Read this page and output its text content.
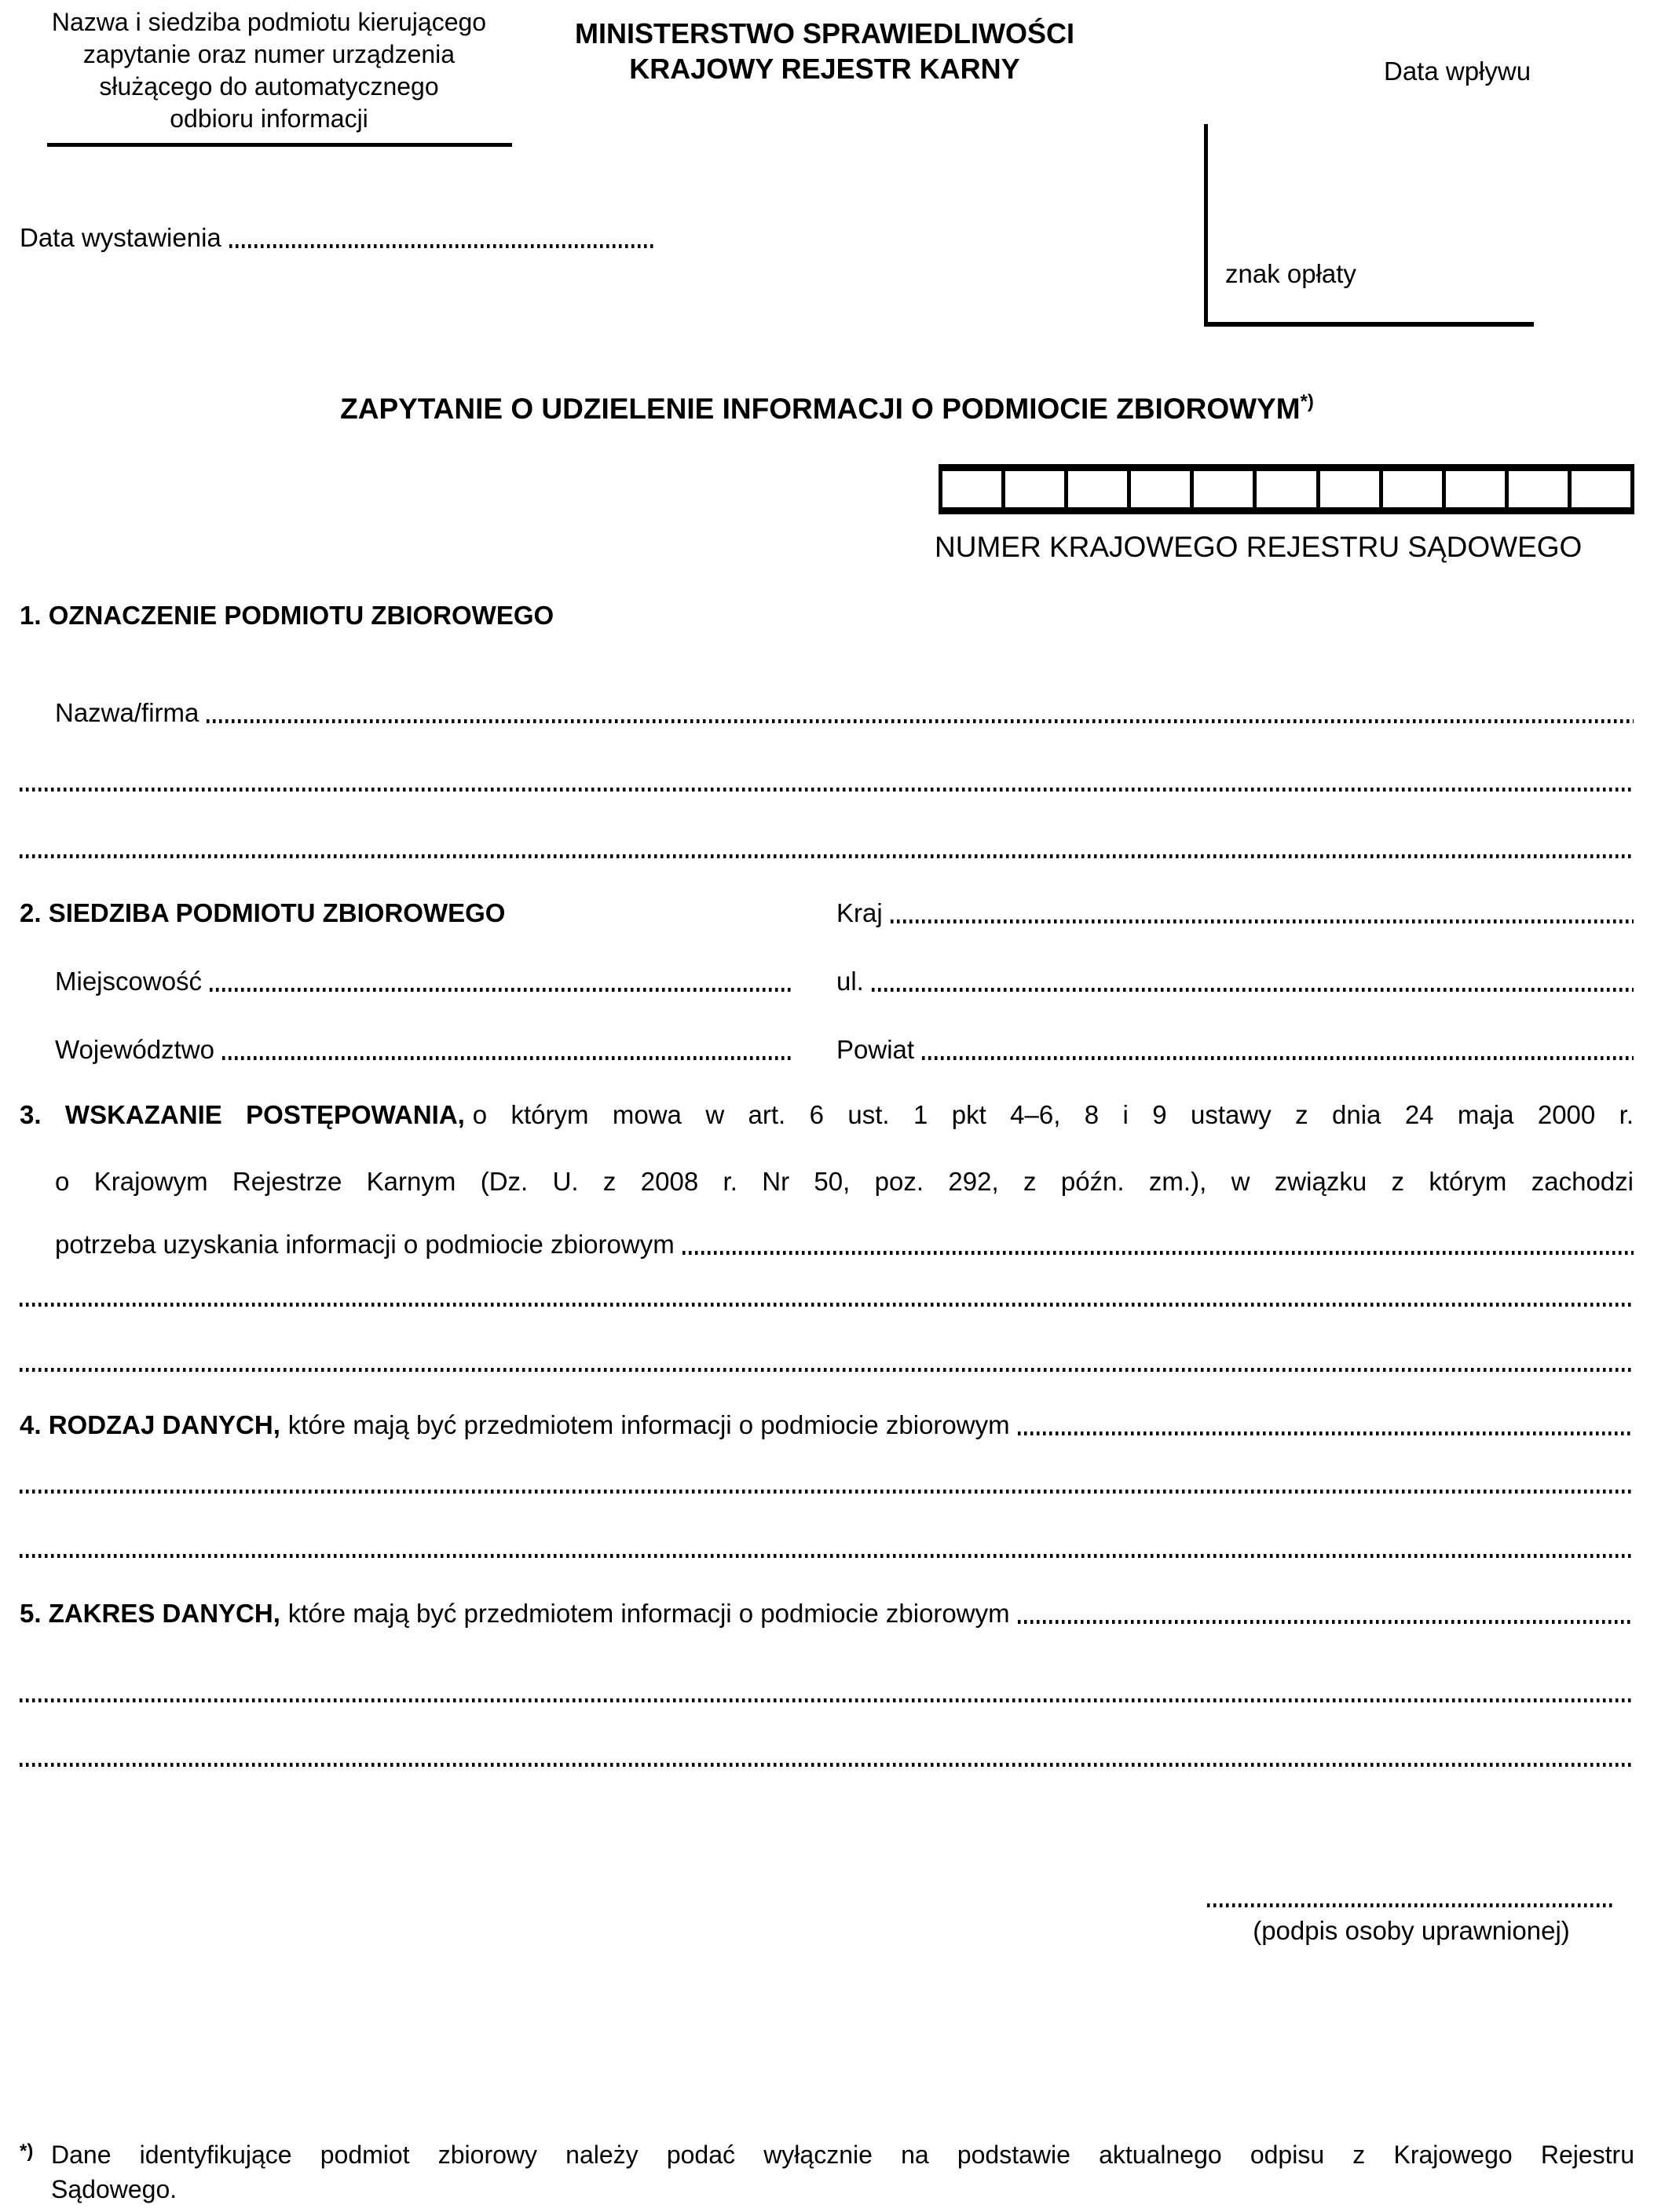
Nazwa i siedziba podmiotu kierującego
zapytanie oraz numer urządzenia
służącego do automatycznego
odbioru informacji
MINISTERSTWO SPRAWIEDLIWOŚCI
KRAJOWY REJESTR KARNY	Data wpływu
znak opłaty
Data wystawienia
ZAPYTANIE O UDZIELENIE INFORMACJI O PODMIOCIE ZBIOROWYM*)
NUMER KRAJOWEGO REJESTRU SĄDOWEGO
1. OZNACZENIE PODMIOTU ZBIOROWEGO
Nazwa/firma
2. SIEDZIBA PODMIOTU ZBIOROWEGO	Kraj
Miejscowość	ul.
Województwo	Powiat
3. WSKAZANIE POSTĘPOWANIA, o którym mowa w art. 6 ust. 1 pkt 4–6, 8 i 9 ustawy z dnia 24 maja 2000 r.
o Krajowym Rejestrze Karnym (Dz. U. z 2008 r. Nr 50, poz. 292, z późn. zm.), w związku z którym zachodzi
potrzeba uzyskania informacji o podmiocie zbiorowym
4. RODZAJ DANYCH, które mają być przedmiotem informacji o podmiocie zbiorowym
5. ZAKRES DANYCH, które mają być przedmiotem informacji o podmiocie zbiorowym
(podpis osoby uprawnionej)
*) Dane identyfikujące podmiot zbiorowy należy podać wyłącznie na podstawie aktualnego odpisu z Krajowego Rejestru
Sądowego.
